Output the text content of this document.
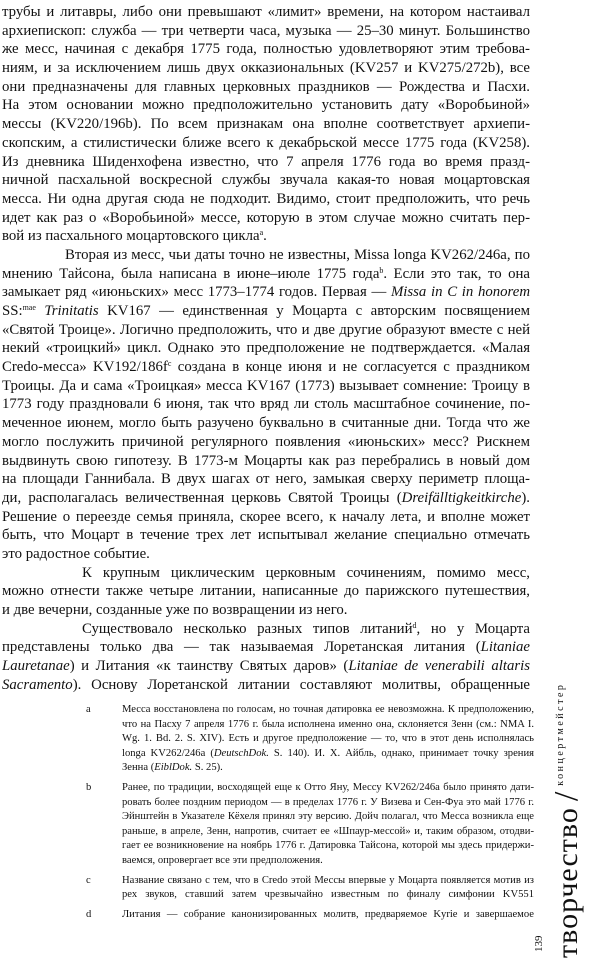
трубы и литавры, либо они превышают «лимит» времени, на котором настаивал
архиепископ: служба — три четверти часа, музыка — 25–30 минут. Большинство
же месс, начиная с декабря 1775 года, полностью удовлетворяют этим требова-
ниям, и за исключением лишь двух окказиональных (KV257 и KV275/272b), все
они предназначены для главных церковных праздников — Рождества и Пасхи.
На этом основании можно предположительно установить дату «Воробьиной»
мессы (KV220/196b). По всем признакам она вполне соответствует архиепи-
скопским, а стилистически ближе всего к декабрьской мессе 1775 года (KV258).
Из дневника Шиденхофена известно, что 7 апреля 1776 года во время празд-
ничной пасхальной воскресной службы звучала какая-то новая моцартовская
месса. Ни одна другая сюда не подходит. Видимо, стоит предположить, что речь
идет как раз о «Воробьиной» мессе, которую в этом случае можно считать пер-
вой из пасхального моцартовского цикла$^a$.
Вторая из месс, чьи даты точно не известны, Missa longa KV262/246a, по
мнению Тайсона, была написана в июне–июле 1775 года$^b$. Если это так, то она
замыкает ряд «июньских» месс 1773–1774 годов. Первая — Missa in C in honorem
SS:$^{mae}$ Trinitatis KV167 — единственная у Моцарта с авторским посвящением
«Святой Троице». Логично предположить, что и две другие образуют вместе с ней
некий «троицкий» цикл. Однако это предположение не подтверждается. «Малая
Credo-месса» $KV192/186f^c$ создана в конце июня и не согласуется с праздником
Троицы. Да и сама «Троицкая» месса KV167 (1773) вызывает сомнение: Троицу в
1773 году праздновали 6 июня, так что вряд ли столь масштабное сочинение, по-
меченное июнем, могло быть разучено буквально в считанные дни. Тогда что же
могло послужить причиной регулярного появления «июньских» месс? Рискнем
выдвинуть свою гипотезу. В 1773-м Моцарты как раз перебрались в новый дом
на площади Ганнибала. В двух шагах от него, замыкая сверху периметр площа-
ди, располагалась величественная церковь Святой Троицы (Dreifälltigkeitkirche).
Решение о переезде семья приняла, скорее всего, к началу лета, и вполне может
быть, что Моцарт в течение трех лет испытывал желание специально отмечать
это радостное событие.
К крупным циклическим церковным сочинениям, помимо месс,
можно отнести также четыре литании, написанные до парижского путешествия,
и две вечерни, созданные уже по возвращении из него.
Существовало несколько разных типов литаний$^d$, но у Моцарта
представлены только два — так называемая Лоретанская литания (Litaniae
Lauretanae) и Литания «к таинству Святых даров» (Litaniae de venerabili altaris
Sacramento). Основу Лоретанской литании составляют молитвы, обращенные
a	Месса восстановлена по голосам, но точная датировка ее невозможна. К предположению,
что на Пасху 7 апреля 1776 г. была исполнена именно она, склоняется Зенн (см.: NMA I.
Wg. 1. Bd. 2. S. XIV). Есть и другое предположение — то, что в этот день исполнялась
longa KV262/246a (DeutschDok. S. 140). И. Х. Айбль, однако, принимает точку зрения
Зенна (EiblDok. S. 25).
b	Ранее, по традиции, восходящей еще к Отто Яну, Мессу KV262/246a было принято дати-
ровать более поздним периодом — в пределах 1776 г. У Визева и Сен-Фуа это май 1776 г.
Эйнштейн в Указателе Кёхеля принял эту версию. Дойч полагал, что Месса возникла еще
раньше, в апреле, Зенн, напротив, считает ее «Шпаур-мессой» и, таким образом, отодви-
гает ее возникновение на ноябрь 1776 г. Датировка Тайсона, которой мы здесь придержи-
ваемся, опровергает все эти предположения.
c	Название связано с тем, что в Credo этой Мессы впервые у Моцарта появляется мотив из
рех звуков, ставший затем чрезвычайно известным по финалу симфонии KV551
d	Литания — собрание канонизированных молитв, предваряемое Kyrie и завершаемое творчество/$^{концертмейстер}$
139
